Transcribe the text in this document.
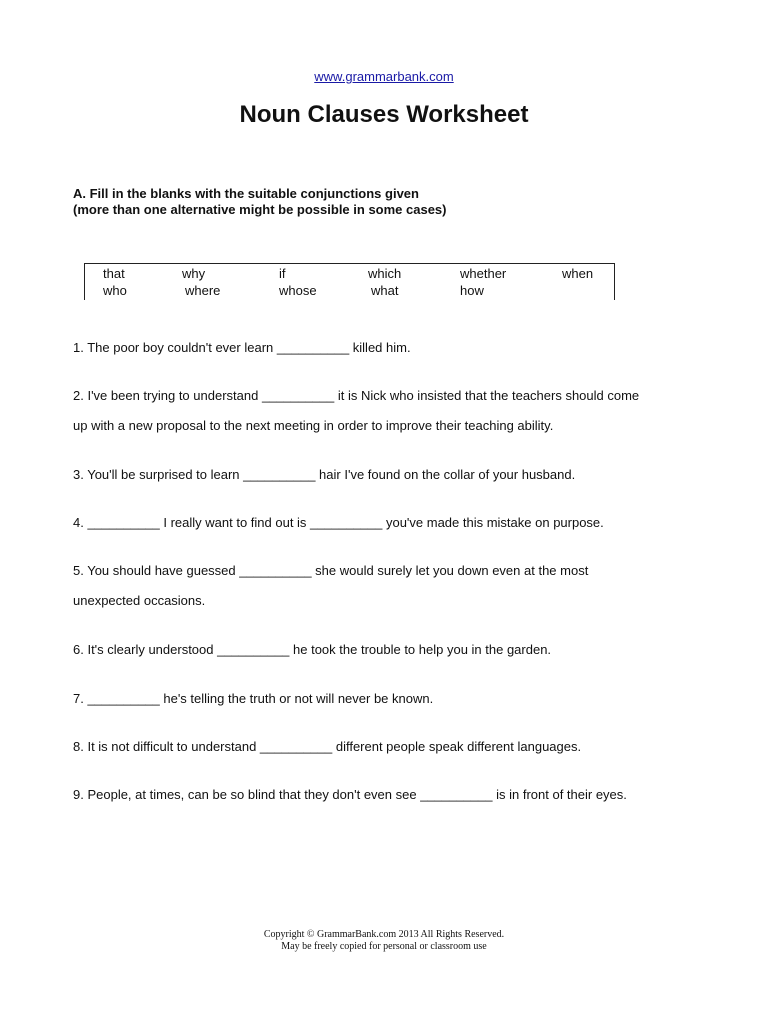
www.grammarbank.com
Noun Clauses Worksheet
A. Fill in the blanks with the suitable conjunctions given
(more than one alternative might be possible in some cases)
that	why	if	which	whether	when
who	where	whose	what	how
1. The poor boy couldn't ever learn __________ killed him.
2. I've been trying to understand __________ it is Nick who insisted that the teachers should come
up with a new proposal to the next meeting in order to improve their teaching ability.
3. You'll be surprised to learn __________ hair I've found on the collar of your husband.
4. __________ I really want to find out is __________ you've made this mistake on purpose.
5. You should have guessed __________ she would surely let you down even at the most
unexpected occasions.
6. It's clearly understood __________ he took the trouble to help you in the garden.
7. __________ he's telling the truth or not will never be known.
8. It is not difficult to understand __________ different people speak different languages.
9. People, at times, can be so blind that they don't even see __________ is in front of their eyes.
Copyright © GrammarBank.com 2013 All Rights Reserved.
May be freely copied for personal or classroom use
